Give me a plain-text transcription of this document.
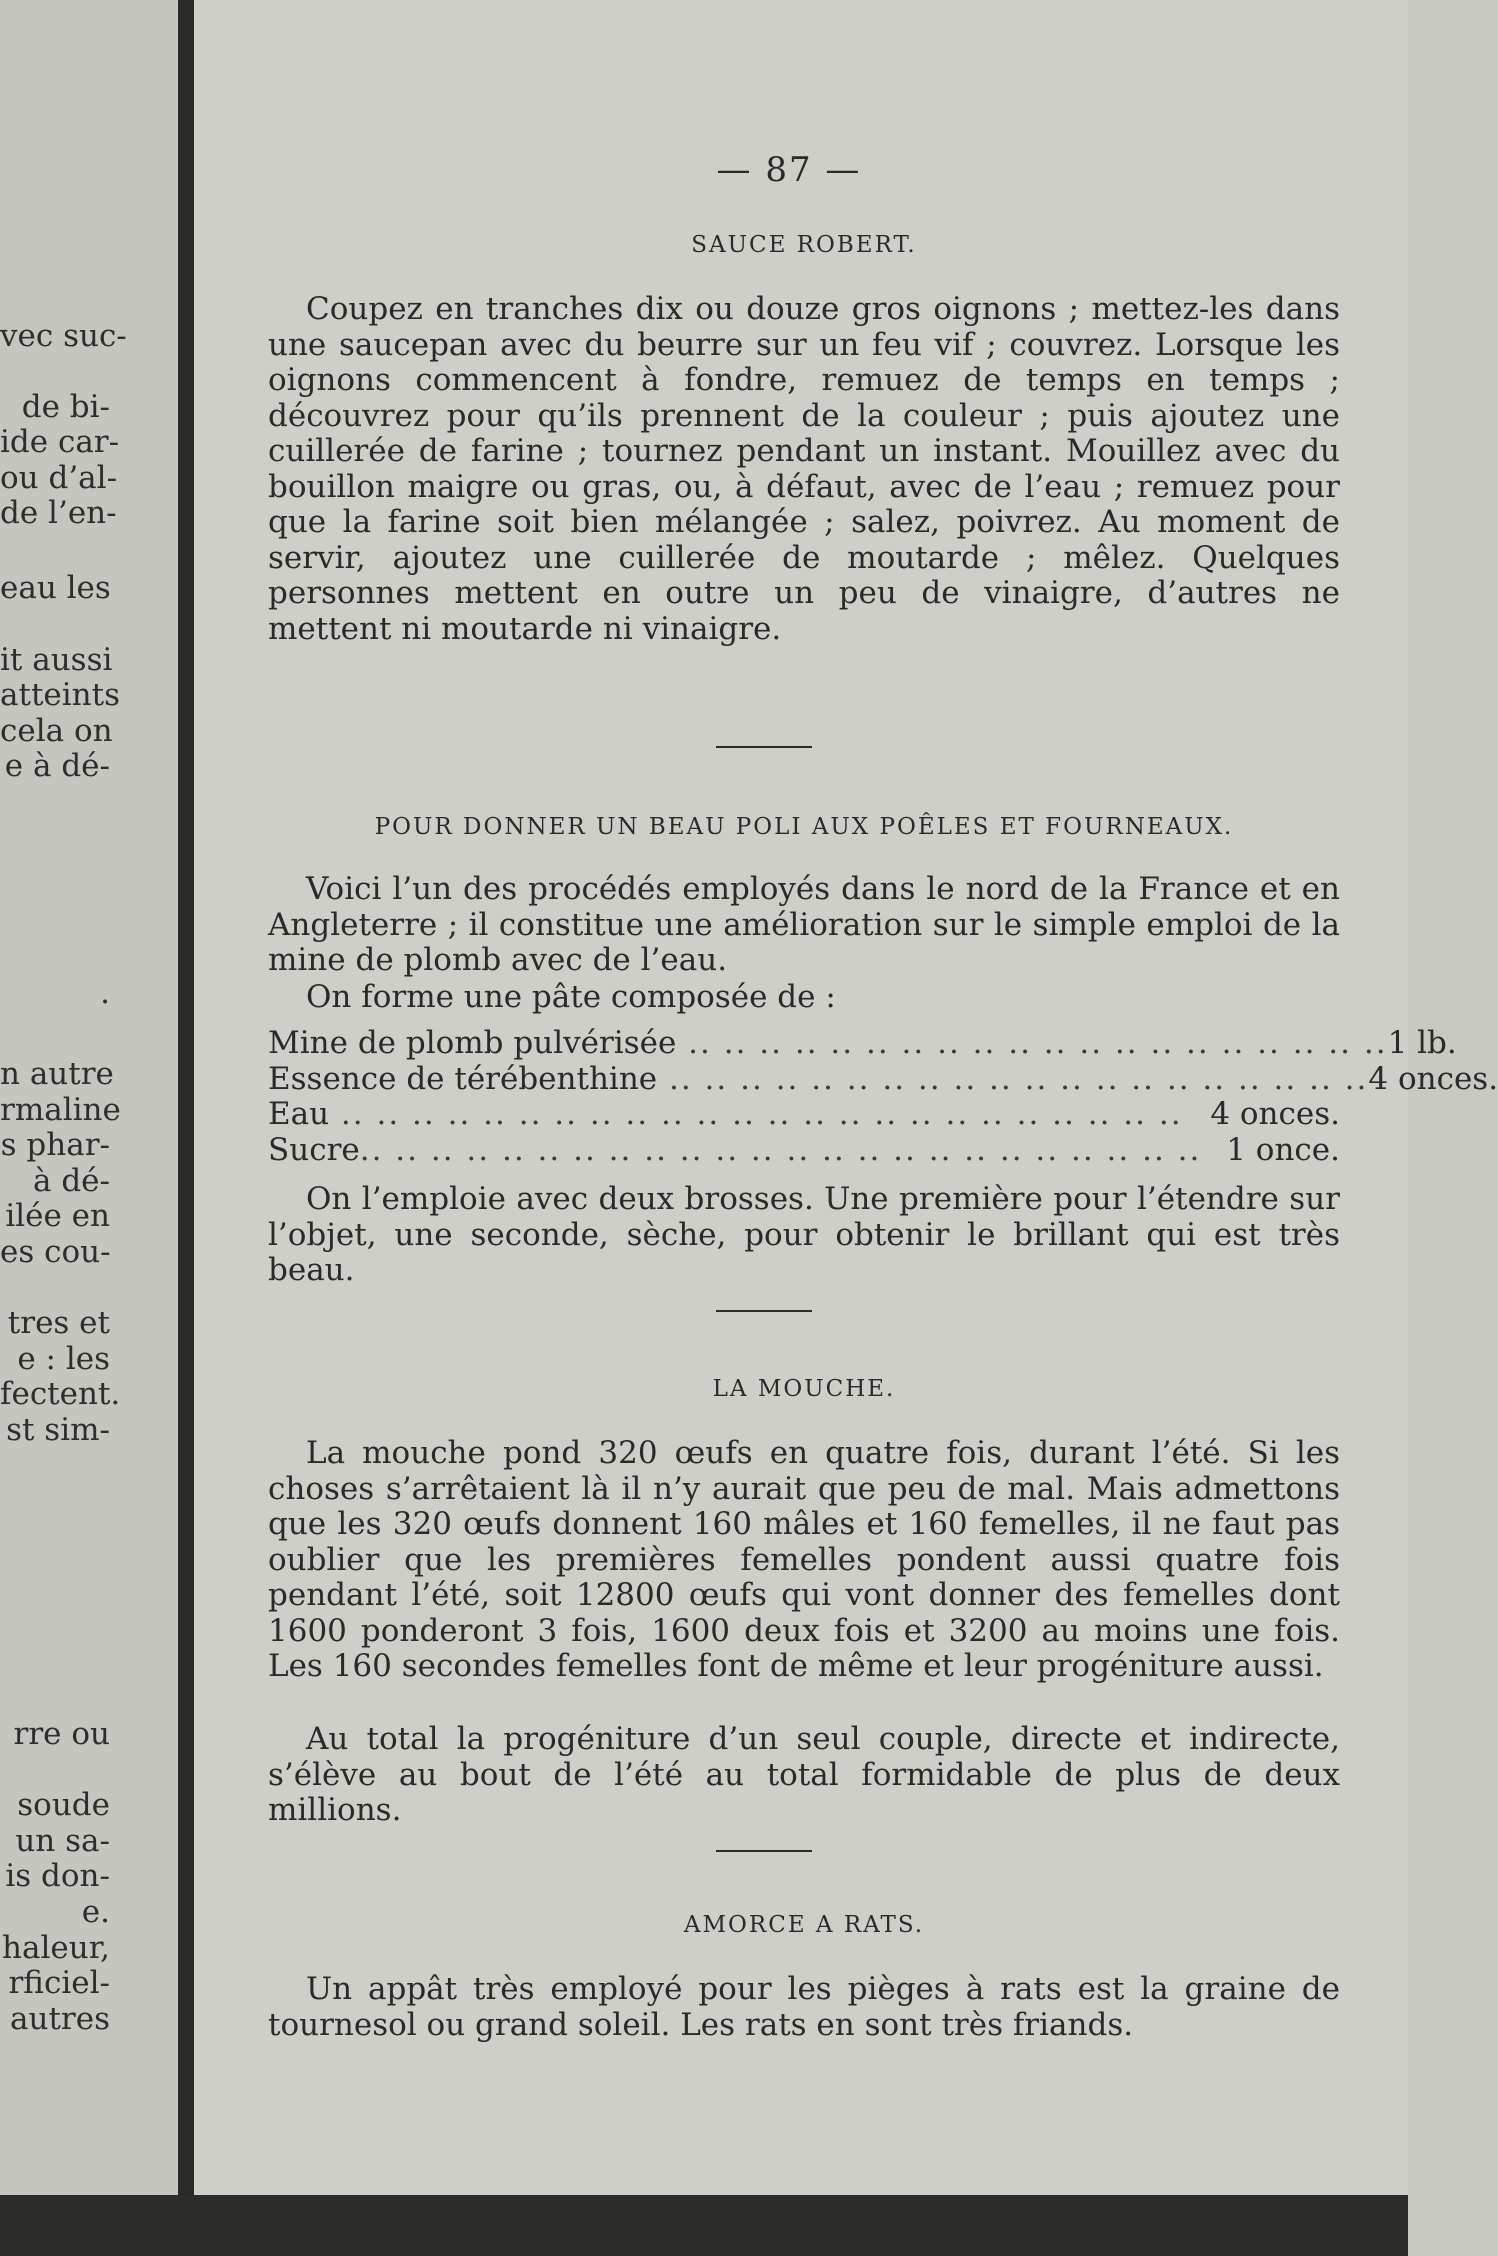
vec suc-
de bi-
ide car-
ou d’al-
de l’en-
eau les
it aussi
atteints
cela on
e à dé-
.
n autre
rmaline
s phar-
à dé-
ilée en
es cou-
tres et
e : les
fectent.
st sim-
rre ou
soude
un sa-
is don-
e.
haleur,
rficiel-
autres
— 87 —
SAUCE ROBERT.

Coupez en tranches dix ou douze gros oignons ; mettez-les dans une saucepan avec du beurre sur un feu vif ; couvrez. Lorsque les oignons commencent à fondre, remuez de temps en temps ; découvrez pour qu’ils prennent de la couleur ; puis ajoutez une cuillerée de farine ; tournez pendant un instant. Mouillez avec du bouillon maigre ou gras, ou, à défaut, avec de l’eau ; remuez pour que la farine soit bien mélangée ; salez, poivrez. Au moment de servir, ajoutez une cuillerée de moutarde ; mêlez. Quelques personnes mettent en outre un peu de vinaigre, d’autres ne mettent ni moutarde ni vinaigre.

POUR DONNER UN BEAU POLI AUX POÊLES ET FOURNEAUX.

Voici l’un des procédés employés dans le nord de la France et en Angleterre ; il constitue une amélioration sur le simple emploi de la mine de plomb avec de l’eau.

On forme une pâte composée de :

Mine de plomb pulvérisée .. .. .. .. .. .. .. .. .. .. .. .. .. .. .. .. .. .. .. .. 1 lb.
Essence de térébenthine .. .. .. .. .. .. .. .. .. .. .. .. .. .. .. .. .. .. .. .. 4 onces.
Eau .. .. .. .. .. .. .. .. .. .. .. .. .. .. .. .. .. .. .. .. .. .. .. .. 4 onces.
Sucre .. .. .. .. .. .. .. .. .. .. .. .. .. .. .. .. .. .. .. .. .. .. .. .. 1 once.

On l’emploie avec deux brosses. Une première pour l’étendre sur l’objet, une seconde, sèche, pour obtenir le brillant qui est très beau.

LA MOUCHE.

La mouche pond 320 œufs en quatre fois, durant l’été. Si les choses s’arrêtaient là il n’y aurait que peu de mal. Mais admettons que les 320 œufs donnent 160 mâles et 160 femelles, il ne faut pas oublier que les premières femelles pondent aussi quatre fois pendant l’été, soit 12800 œufs qui vont donner des femelles dont 1600 ponderont 3 fois, 1600 deux fois et 3200 au moins une fois. Les 160 secondes femelles font de même et leur progéniture aussi.

Au total la progéniture d’un seul couple, directe et indirecte, s’élève au bout de l’été au total formidable de plus de deux millions.

AMORCE A RATS.

Un appât très employé pour les pièges à rats est la graine de tournesol ou grand soleil. Les rats en sont très friands.
